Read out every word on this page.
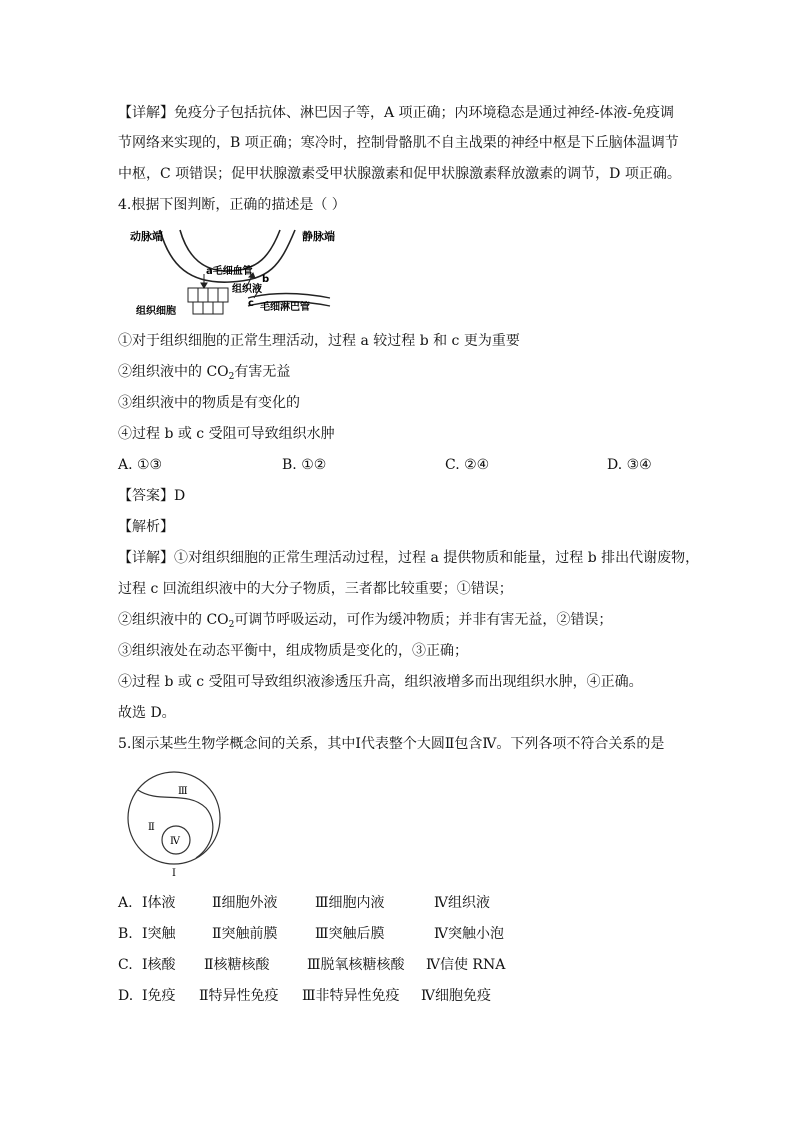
【详解】免疫分子包括抗体、淋巴因子等，A 项正确；内环境稳态是通过神经-体液-免疫调
节网络来实现的，B 项正确；寒冷时，控制骨骼肌不自主战栗的神经中枢是下丘脑体温调节
中枢，C 项错误；促甲状腺激素受甲状腺激素和促甲状腺激素释放激素的调节，D 项正确。
4.根据下图判断，正确的描述是（ ）
动脉端	静脉端
a毛细血管
b
组织液
c 毛细淋巴管
组织细胞
①对于组织细胞的正常生理活动，过程 a 较过程 b 和 c 更为重要
②组织液中的 $CO_2$有害无益
③组织液中的物质是有变化的
④过程 b 或 c 受阻可导致组织水肿
A. ①③	B. ①②	C. ②④	D. ③④
【答案】D
【解析】
【详解】①对组织细胞的正常生理活动过程，过程 a 提供物质和能量，过程 b 排出代谢废物，
过程 c 回流组织液中的大分子物质，三者都比较重要；①错误；
②组织液中的 $CO_2$可调节呼吸运动，可作为缓冲物质；并非有害无益，②错误；
③组织液处在动态平衡中，组成物质是变化的，③正确；
④过程 b 或 c 受阻可导致组织液渗透压升高，组织液增多而出现组织水肿，④正确。
故选 D。
5.图示某些生物学概念间的关系，其中Ⅰ代表整个大圆Ⅱ包含Ⅳ。下列各项不符合关系的是
Ⅲ
Ⅱ
Ⅳ
Ⅰ
A. Ⅰ体液	Ⅱ细胞外液	Ⅲ细胞内液	Ⅳ组织液
B. Ⅰ突触	Ⅱ突触前膜	Ⅲ突触后膜	Ⅳ突触小泡
C. Ⅰ核酸 Ⅱ核糖核酸	Ⅲ脱氧核糖核酸 Ⅳ信使 RNA
D. Ⅰ免疫 Ⅱ特异性免疫 Ⅲ非特异性免疫 Ⅳ细胞免疫
